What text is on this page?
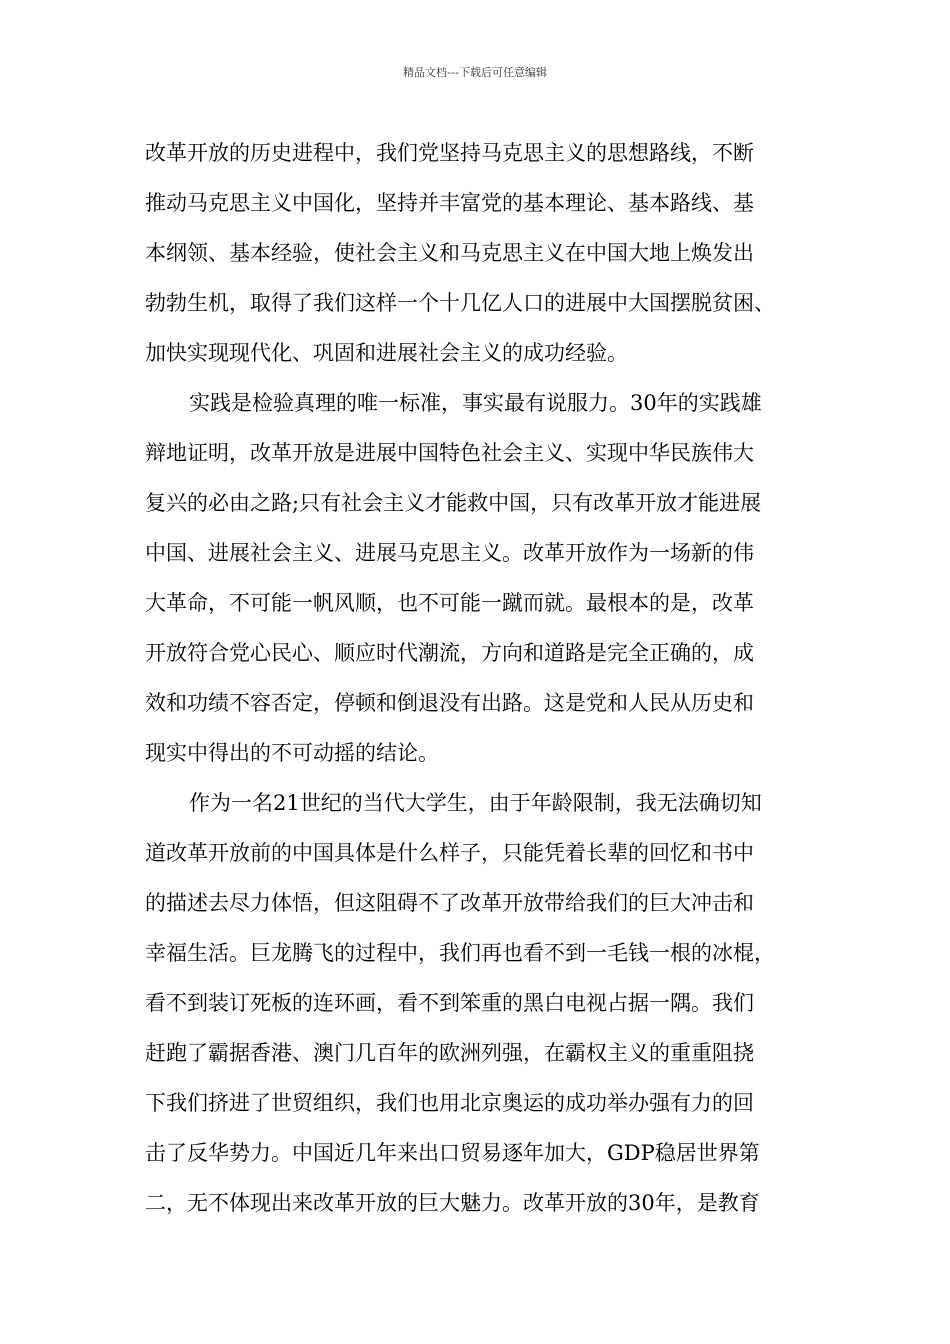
精品文档---下载后可任意编辑
改革开放的历史进程中，我们党坚持马克思主义的思想路线，不断
推动马克思主义中国化，坚持并丰富党的基本理论、基本路线、基
本纲领、基本经验，使社会主义和马克思主义在中国大地上焕发出
勃勃生机，取得了我们这样一个十几亿人口的进展中大国摆脱贫困、
加快实现现代化、巩固和进展社会主义的成功经验。
实践是检验真理的唯一标准，事实最有说服力。30年的实践雄
辩地证明，改革开放是进展中国特色社会主义、实现中华民族伟大
复兴的必由之路;只有社会主义才能救中国，只有改革开放才能进展
中国、进展社会主义、进展马克思主义。改革开放作为一场新的伟
大革命，不可能一帆风顺，也不可能一蹴而就。最根本的是，改革
开放符合党心民心、顺应时代潮流，方向和道路是完全正确的，成
效和功绩不容否定，停顿和倒退没有出路。这是党和人民从历史和
现实中得出的不可动摇的结论。
作为一名21世纪的当代大学生，由于年龄限制，我无法确切知
道改革开放前的中国具体是什么样子，只能凭着长辈的回忆和书中
的描述去尽力体悟，但这阻碍不了改革开放带给我们的巨大冲击和
幸福生活。巨龙腾飞的过程中，我们再也看不到一毛钱一根的冰棍，
看不到装订死板的连环画，看不到笨重的黑白电视占据一隅。我们
赶跑了霸据香港、澳门几百年的欧洲列强，在霸权主义的重重阻挠
下我们挤进了世贸组织，我们也用北京奥运的成功举办强有力的回
击了反华势力。中国近几年来出口贸易逐年加大，GDP稳居世界第
二，无不体现出来改革开放的巨大魅力。改革开放的30年，是教育
